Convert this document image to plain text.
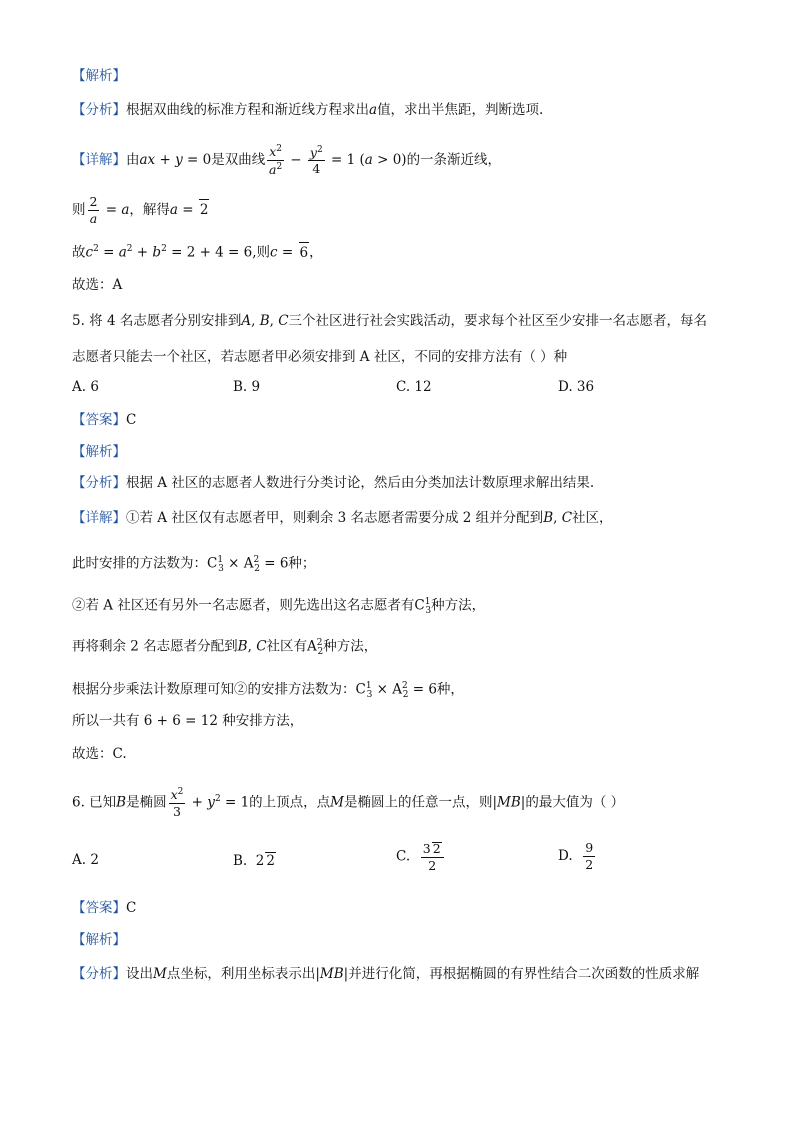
【解析】
【分析】根据双曲线的标准方程和渐近线方程求出a值，求出半焦距，判断选项.
【详解】由ax + y = 0是双曲线 $\frac{x^2}{a^2} - \frac{y^2}{4} = 1$ (a > 0)的一条渐近线，
则 $\frac{2}{a} = a$，解得a = 2
故$c^2 = a^2 + b^2 = 2 + 4 = 6$,则c = 6，
故选：A
5. 将 4 名志愿者分别安排到A, B, C三个社区进行社会实践活动，要求每个社区至少安排一名志愿者，每名
志愿者只能去一个社区，若志愿者甲必须安排到 A 社区，不同的安排方法有（ ）种
A. 6	B. 9	C. 12	D. 36
【答案】C
【解析】
【分析】根据 A 社区的志愿者人数进行分类讨论，然后由分类加法计数原理求解出结果.
【详解】①若 A 社区仅有志愿者甲，则剩余 3 名志愿者需要分成 2 组并分配到B, C社区，
此时安排的方法数为：$C^1_3 \times A^2_2 = 6$种；
②若 A 社区还有另外一名志愿者，则先选出这名志愿者有$C^1_3$种方法，
再将剩余 2 名志愿者分配到B, C社区有$A^2_2$种方法，
根据分步乘法计数原理可知②的安排方法数为：$C^1_3 \times A^2_2 = 6$种，
所以一共有 6 + 6 = 12 种安排方法，
故选：C.
6. 已知B是椭圆 $\frac{x^2}{3} + y^2 = 1$的上顶点，点M是椭圆上的任意一点，则|MB|的最大值为（ ）
A. 2	B.  2 2	C. $\frac{3 2}{2}$	D. $\frac{9}{2}$
【答案】C
【解析】
【分析】设出M点坐标，利用坐标表示出|MB|并进行化简，再根据椭圆的有界性结合二次函数的性质求解
